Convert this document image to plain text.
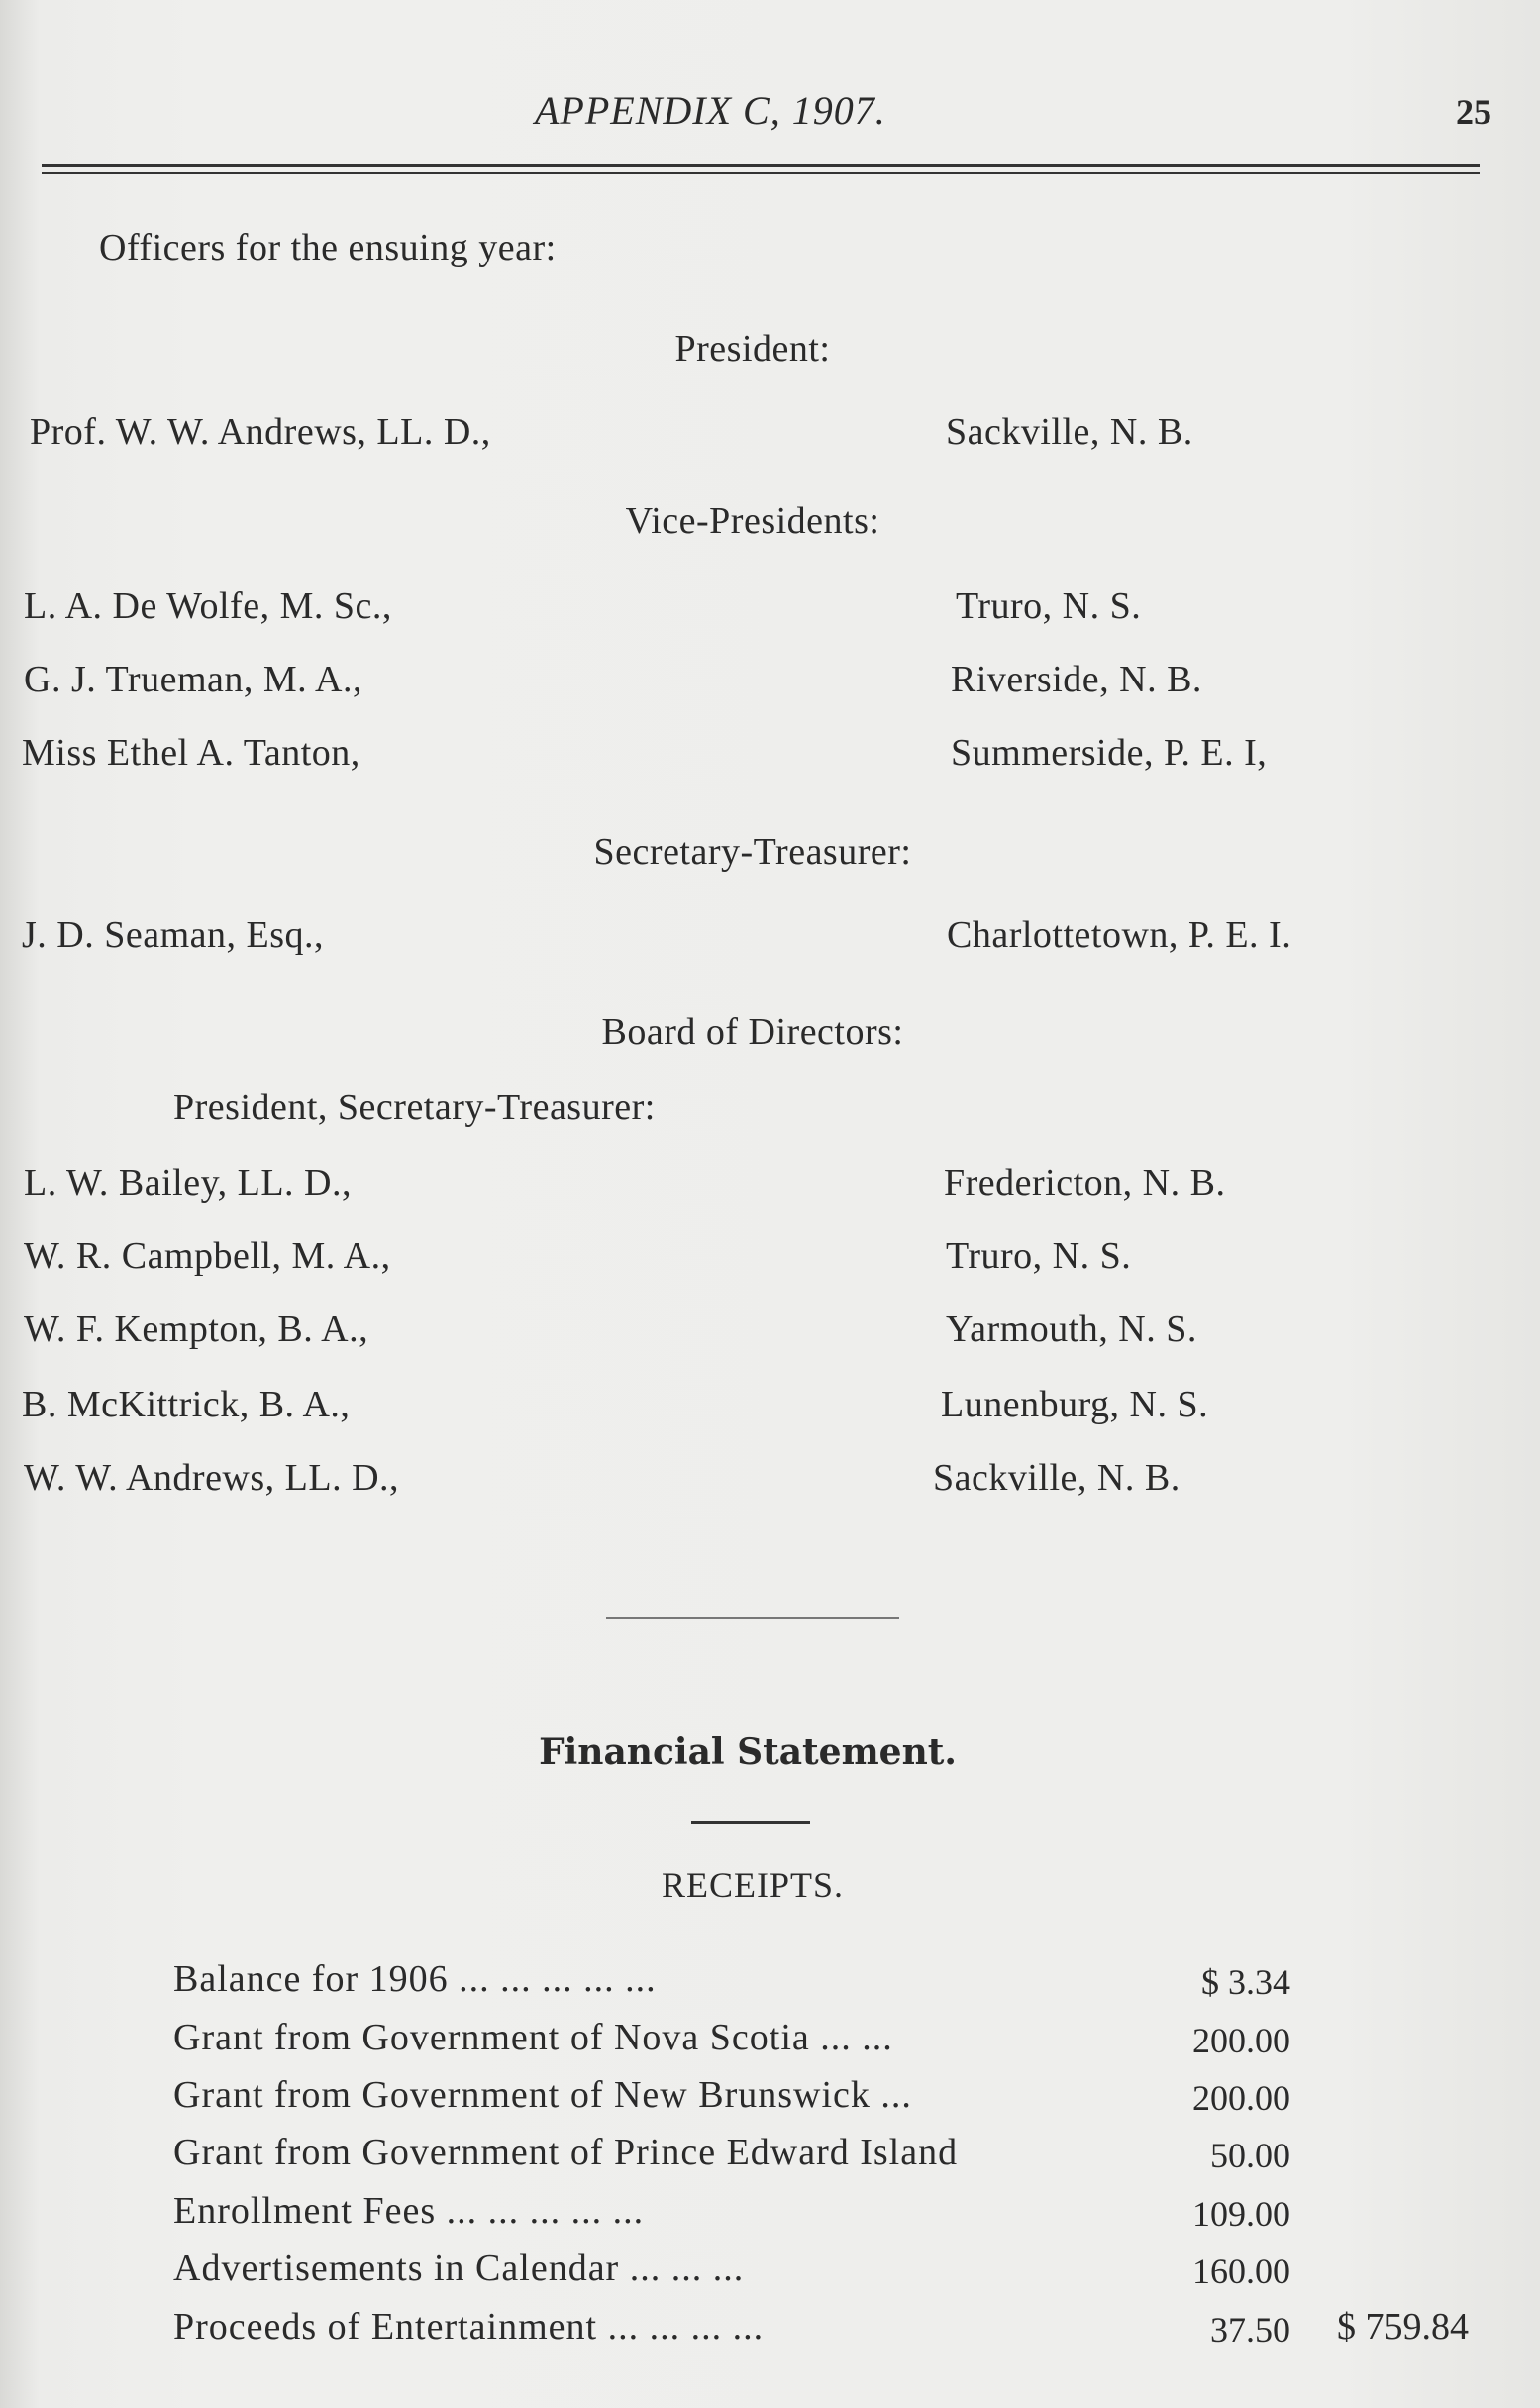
APPENDIX C, 1907.	25
Officers for the ensuing year:
President:
Prof. W. W. Andrews, LL. D.,	Sackville, N. B.
Vice-Presidents:
L. A. De Wolfe, M. Sc.,	Truro, N. S.
G. J. Trueman, M. A.,	Riverside, N. B.
Miss Ethel A. Tanton,	Summerside, P. E. I,
Secretary-Treasurer:
J. D. Seaman, Esq.,	Charlottetown, P. E. I.
Board of Directors:
President, Secretary-Treasurer:
L. W. Bailey, LL. D.,	Fredericton, N. B.
W. R. Campbell, M. A.,	Truro, N. S.
W. F. Kempton, B. A.,	Yarmouth, N. S.
B. McKittrick, B. A.,	Lunenburg, N. S.
W. W. Andrews, LL. D.,	Sackville, N. B.
Financial Statement.
RECEIPTS.
Balance for 1906 ... ... ... ... ...	$ 3.34
Grant from Government of Nova Scotia ... ...	200.00
Grant from Government of New Brunswick ...	200.00
Grant from Government of Prince Edward Island	50.00
Enrollment Fees ... ... ... ... ...	109.00
Advertisements in Calendar ... ... ...	160.00
Proceeds of Entertainment ... ... ... ...	37.50 $ 759.84
